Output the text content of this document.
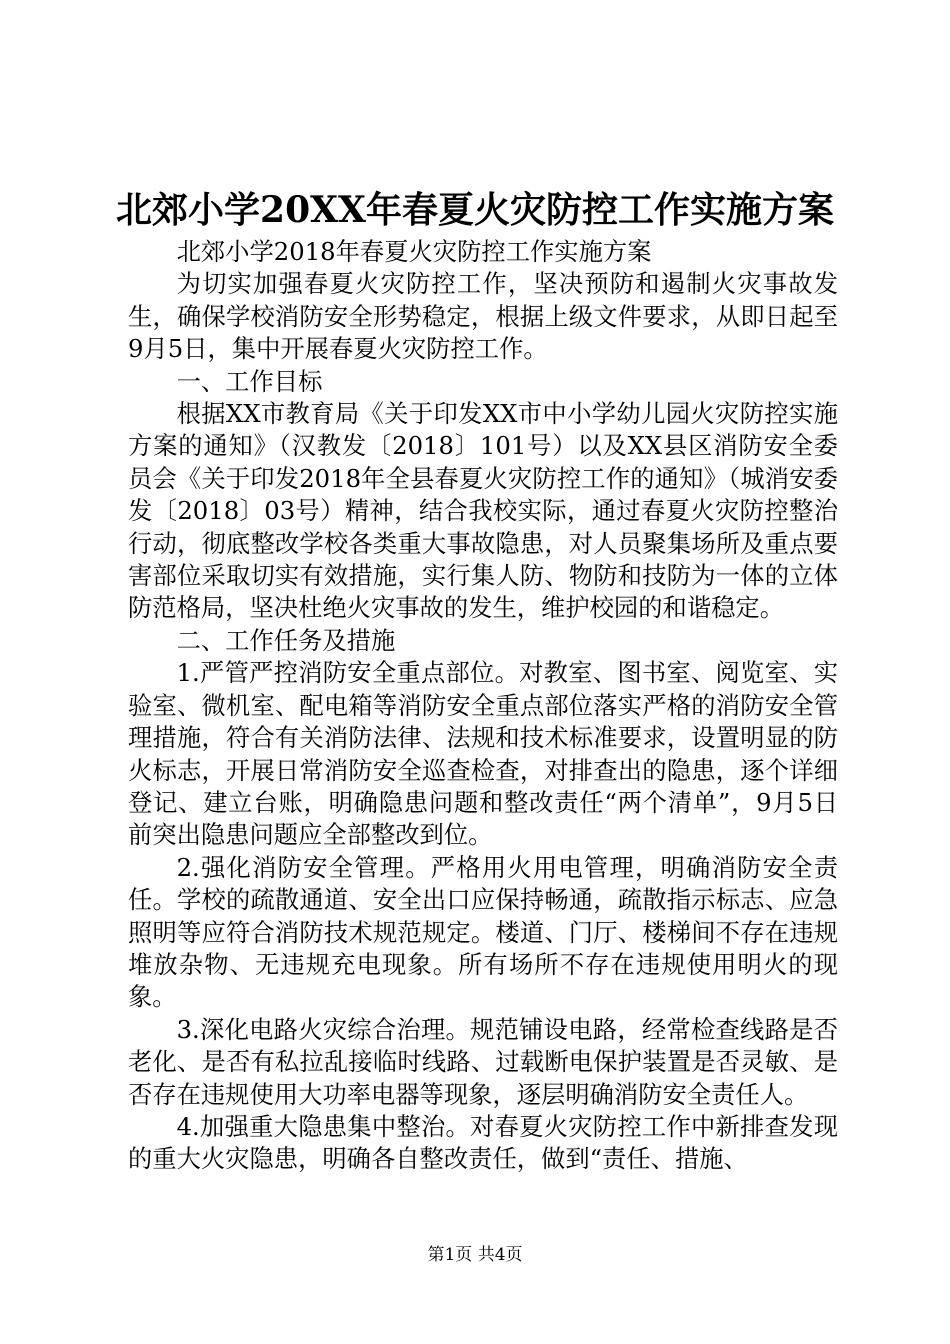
北郊小学20XX年春夏火灾防控工作实施方案

北郊小学2018年春夏火灾防控工作实施方案

为切实加强春夏火灾防控工作，坚决预防和遏制火灾事故发生，确保学校消防安全形势稳定，根据上级文件要求，从即日起至9月5日，集中开展春夏火灾防控工作。

一、工作目标

根据XX市教育局《关于印发XX市中小学幼儿园火灾防控实施方案的通知》（汉教发〔2018〕101号）以及XX县区消防安全委员会《关于印发2018年全县春夏火灾防控工作的通知》（城消安委发〔2018〕03号）精神，结合我校实际，通过春夏火灾防控整治行动，彻底整改学校各类重大事故隐患，对人员聚集场所及重点要害部位采取切实有效措施，实行集人防、物防和技防为一体的立体防范格局，坚决杜绝火灾事故的发生，维护校园的和谐稳定。

二、工作任务及措施

1.严管严控消防安全重点部位。对教室、图书室、阅览室、实验室、微机室、配电箱等消防安全重点部位落实严格的消防安全管理措施，符合有关消防法律、法规和技术标准要求，设置明显的防火标志，开展日常消防安全巡查检查，对排查出的隐患，逐个详细登记、建立台账，明确隐患问题和整改责任“两个清单”，9月5日前突出隐患问题应全部整改到位。

2.强化消防安全管理。严格用火用电管理，明确消防安全责任。学校的疏散通道、安全出口应保持畅通，疏散指示标志、应急照明等应符合消防技术规范规定。楼道、门厅、楼梯间不存在违规堆放杂物、无违规充电现象。所有场所不存在违规使用明火的现象。

3.深化电路火灾综合治理。规范铺设电路，经常检查线路是否老化、是否有私拉乱接临时线路、过载断电保护装置是否灵敏、是否存在违规使用大功率电器等现象，逐层明确消防安全责任人。

4.加强重大隐患集中整治。对春夏火灾防控工作中新排查发现的重大火灾隐患，明确各自整改责任，做到“责任、措施、

第1页 共4页
